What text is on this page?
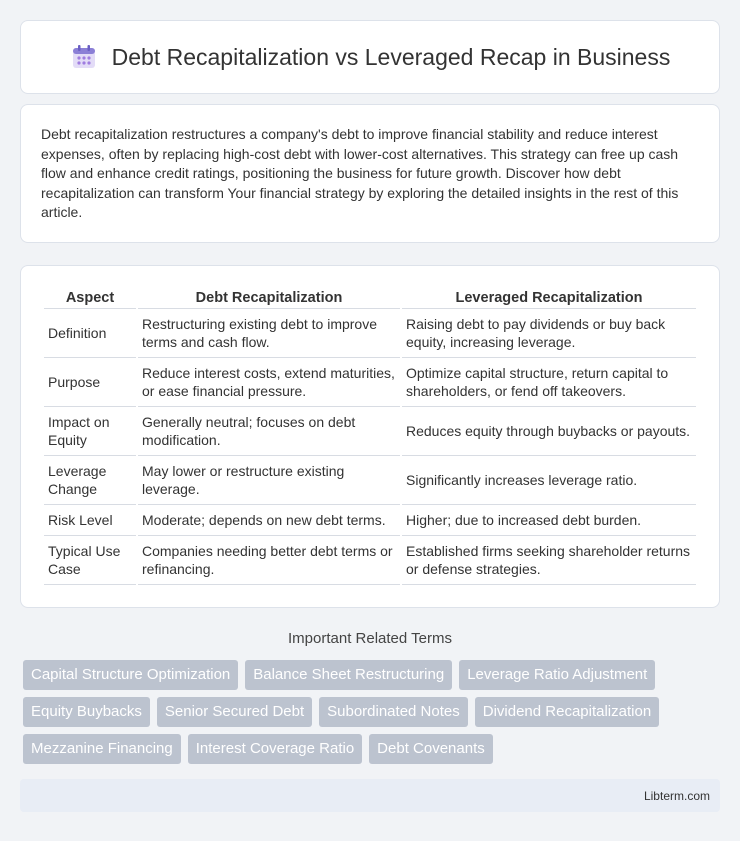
Debt Recapitalization vs Leveraged Recap in Business

Debt recapitalization restructures a company's debt to improve financial stability and reduce interest expenses, often by replacing high-cost debt with lower-cost alternatives. This strategy can free up cash flow and enhance credit ratings, positioning the business for future growth. Discover how debt recapitalization can transform Your financial strategy by exploring the detailed insights in the rest of this article.

Aspect	Debt Recapitalization	Leveraged Recapitalization
Definition	Restructuring existing debt to improve terms and cash flow.	Raising debt to pay dividends or buy back equity, increasing leverage.
Purpose	Reduce interest costs, extend maturities, or ease financial pressure.	Optimize capital structure, return capital to shareholders, or fend off takeovers.
Impact on Equity	Generally neutral; focuses on debt modification.	Reduces equity through buybacks or payouts.
Leverage Change	May lower or restructure existing leverage.	Significantly increases leverage ratio.
Risk Level	Moderate; depends on new debt terms.	Higher; due to increased debt burden.
Typical Use Case	Companies needing better debt terms or refinancing.	Established firms seeking shareholder returns or defense strategies.
Important Related Terms
Capital Structure Optimization	Balance Sheet Restructuring	Leverage Ratio Adjustment
Equity Buybacks	Senior Secured Debt	Subordinated Notes	Dividend Recapitalization
Mezzanine Financing	Interest Coverage Ratio	Debt Covenants
Libterm.com
